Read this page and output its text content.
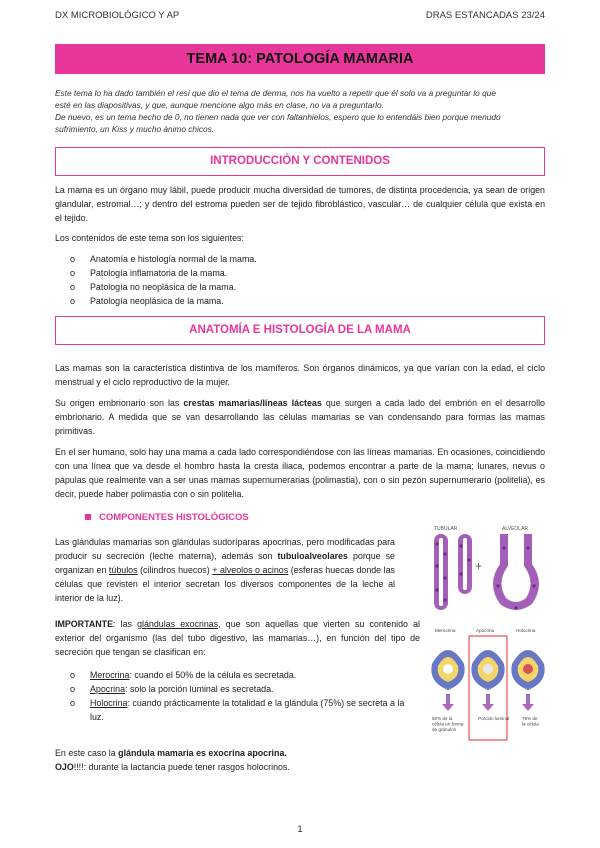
DX MICROBIOLÓGICO Y AP	DRAS ESTANCADAS 23/24
TEMA 10: PATOLOGÍA MAMARIA
Este tema lo ha dado también el resi que dio el tema de derma, nos ha vuelto a repetir que él solo va a preguntar lo que
esté en las diapositivas, y que, aunque mencione algo más en clase, no va a preguntarlo.
De nuevo, es un tema hecho de 0, no tienen nada que ver con faltanhielos, espero que lo entendáis bien porque menudo
sufrimiento, un Kiss y mucho ánimo chicos.
INTRODUCCIÓN Y CONTENIDOS
La mama es un órgano muy lábil, puede producir mucha diversidad de tumores, de distinta procedencia, ya sean de origen glandular, estromal…; y dentro del estroma pueden ser de tejido fibroblástico, vascular… de cualquier célula que exista en el tejido.
Los contenidos de este tema son los siguientes:
o Anatomía e histología normal de la mama.
o Patología inflamatoria de la mama.
o Patología no neoplásica de la mama.
o Patología neoplásica de la mama.
ANATOMÍA E HISTOLOGÍA DE LA MAMA
Las mamas son la característica distintiva de los mamíferos. Son órganos dinámicos, ya que varían con la edad, el ciclo menstrual y el ciclo reproductivo de la mujer.
Su origen embrionario son las crestas mamarias/líneas lácteas que surgen a cada lado del embrión en el desarrollo embrionario. A medida que se van desarrollando las células mamarias se van condensando para formas las mamas primitivas.
En el ser humano, solo hay una mama a cada lado correspondiéndose con las líneas mamarias. En ocasiones, coincidiendo con una línea que va desde el hombro hasta la cresta iliaca, podemos encontrar a parte de la mama; lunares, nevus o pápulas que realmente van a ser unas mamas supernumerarias (polimastia), con o sin pezón supernumerario (politelia), es decir, puede haber polimastia con o sin politelia.
COMPONENTES HISTOLÓGICOS
Las glándulas mamarias son glándulas sudoríparas apocrinas, pero modificadas para producir su secreción (leche materna), además son tubuloalveolares porque se organizan en túbulos (cilindros huecos) + alveolos o acinos (esferas huecas donde las células que revisten el interior secretan los diversos componentes de la leche al interior de la luz).
TUBULAR	ALVEOLAR
+
IMPORTANTE: las glándulas exocrinas, que son aquellas que vierten su contenido al exterior del organismo (las del tubo digestivo, las mamarias…), en función del tipo de secreción que tengan se clasifican en:
o Merocrina: cuando el 50% de la célula es secretada.
o Apocrina: solo la porción luminal es secretada.
o Holocrina: cuando prácticamente la totalidad e la glándula (75%) se secreta a la luz.
Merocrina	Apocrina	Holocrina
50% de la célula en forma de gránulos
Porción luminal	75% de la célula
En este caso la glándula mamaria es exocrina apocrina.
OJO!!!!: durante la lactancia puede tener rasgos holocrinos.
1
